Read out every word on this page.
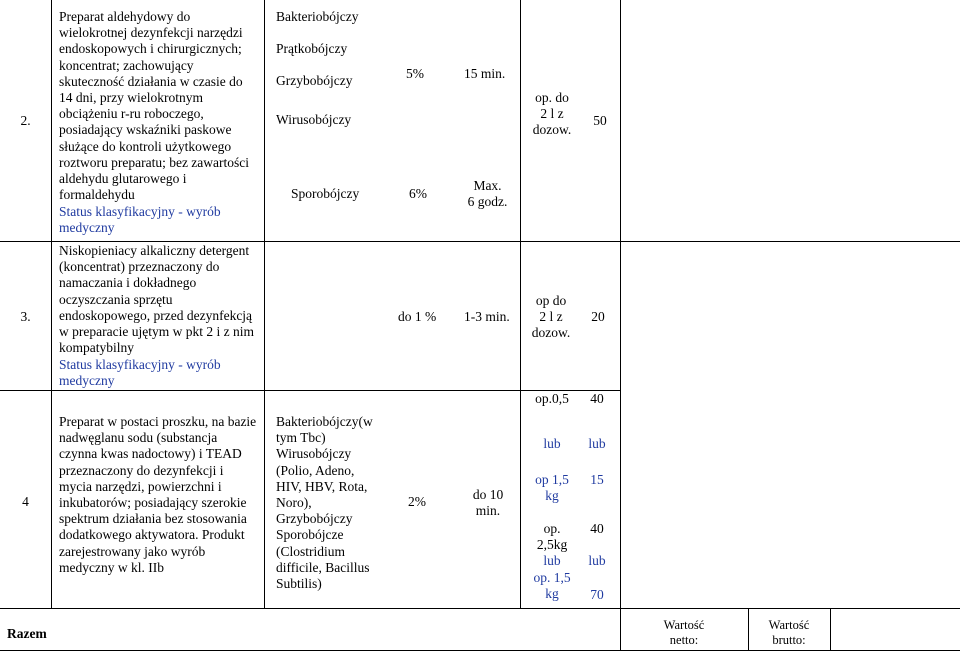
2.
Preparat aldehydowy do
wielokrotnej dezynfekcji narzędzi
endoskopowych i chirurgicznych;
koncentrat; zachowujący
skuteczność działania w czasie do
14 dni, przy wielokrotnym
obciążeniu r-ru roboczego,
posiadający wskaźniki paskowe
służące do kontroli użytkowego
roztworu preparatu; bez zawartości
aldehydu glutarowego i
formaldehydu
Status klasyfikacyjny - wyrób
medyczny
Bakteriobójczy
Prątkobójczy
Grzybobójczy
Wirusobójczy
Sporobójczy
5%	15 min.
6%
Max.
6 godz.
op. do
2 l z
dozow.
50
3.
Niskopieniacy alkaliczny detergent
(koncentrat) przeznaczony do
namaczania i dokładnego
oczyszczania sprzętu
endoskopowego, przed dezynfekcją
w preparacie ujętym w pkt 2 i z nim
kompatybilny
Status klasyfikacyjny - wyrób
medyczny
do 1 % 1-3 min.
op do
2 l z
dozow.
20
4
Preparat w postaci proszku, na bazie
nadwęglanu sodu (substancja
czynna kwas nadoctowy) i TEAD
przeznaczony do dezynfekcji i
mycia narzędzi, powierzchni i
inkubatorów; posiadający szerokie
spektrum działania bez stosowania
dodatkowego aktywatora. Produkt
zarejestrowany jako wyrób
medyczny w kl. IIb
Bakteriobójczy(w
tym Tbc)
Wirusobójczy
(Polio, Adeno,
HIV, HBV, Rota,
Noro),
Grzybobójczy
Sporobójcze
(Clostridium
difficile, Bacillus
Subtilis)
2%	do 10
min.
op.0,5
lub
op 1,5
kg
op.
2,5kg
lub
op. 1,5
kg
40
lub
15
40
lub
70
Razem
Wartość
netto:
Wartość
brutto:
